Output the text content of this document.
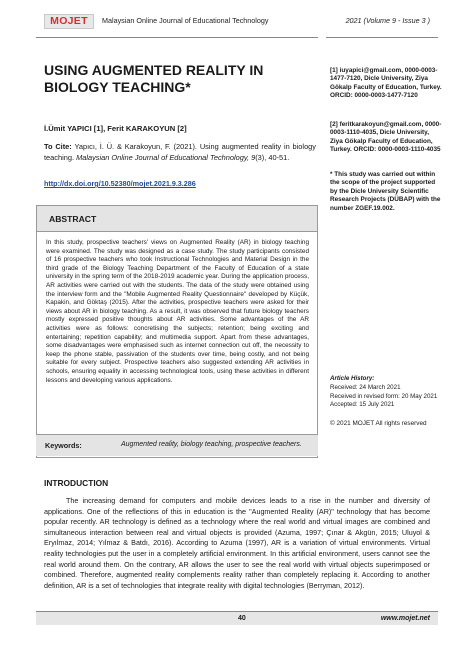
MOJET	Malaysian Online Journal of Educational Technology	2021 (Volume 9 - Issue 3 )
USING AUGMENTED REALITY IN BIOLOGY TEACHING*
İ.Ümit YAPICI [1], Ferit KARAKOYUN [2]
To Cite: Yapıcı, İ. Ü. & Karakoyun, F. (2021). Using augmented reality in biology teaching. Malaysian Online Journal of Educational Technology, 9(3), 40-51.
http://dx.doi.org/10.52380/mojet.2021.9.3.286
ABSTRACT
In this study, prospective teachers' views on Augmented Reality (AR) in biology teaching were examined. The study was designed as a case study. The study participants consisted of 16 prospective teachers who took Instructional Technologies and Material Design in the third grade of the Biology Teaching Department of the Faculty of Education of a state university in the spring term of the 2018-2019 academic year. During the application process, AR activities were carried out with the students. The data of the study were obtained using the interview form and the "Mobile Augmented Reality Questionnaire" developed by Küçük, Kapakin, and Göktaş (2015). After the activities, prospective teachers were asked for their views about AR in biology teaching. As a result, it was observed that future biology teachers mostly expressed positive thoughts about AR activities. Some advantages of the AR activities were as follows: concretising the subjects; retention; being exciting and entertaining; repetition capability; and multimedia support. Apart from these advantages, some disadvantages were emphasised such as internet connection cut off, the necessity to keep the phone stable, passivation of the students over time, being costly, and not being suitable for every subject. Prospective teachers also suggested extending AR activities in schools, ensuring equality in accessing technological tools, using these activities in different lessons and developing various applications.
Keywords:	Augmented reality, biology teaching, prospective teachers.
[1] iuyapici@gmail.com, 0000-0003-1477-7120, Dicle University, Ziya Gökalp Faculty of Education, Turkey. ORCID: 0000-0003-1477-7120
[2] feritkarakoyun@gmail.com, 0000-0003-1110-4035, Dicle University, Ziya Gökalp Faculty of Education, Turkey. ORCID: 0000-0003-1110-4035
* This study was carried out within the scope of the project supported by the Dicle University Scientific Research Projects (DÜBAP) with the number ZGEF.19.002.
Article History:
Received: 24 March 2021
Received in revised form: 20 May 2021
Accepted: 15 July 2021
© 2021 MOJET All rights reserved
INTRODUCTION
The increasing demand for computers and mobile devices leads to a rise in the number and diversity of applications. One of the reflections of this in education is the "Augmented Reality (AR)" technology that has become popular recently. AR technology is defined as a technology where the real world and virtual images are combined and simultaneous interaction between real and virtual objects is provided (Azuma, 1997; Çınar & Akgün, 2015; Uluyol & Eryılmaz, 2014; Yılmaz & Batdı, 2016). According to Azuma (1997), AR is a variation of virtual environments. Virtual reality technologies put the user in a completely artificial environment. In this artificial environment, users cannot see the real world around them. On the contrary, AR allows the user to see the real world with virtual objects superimposed or combined. Therefore, augmented reality complements reality rather than completely replacing it. According to another definition, AR is a set of technologies that integrate reality with digital technologies (Berryman, 2012).
40	www.mojet.net
